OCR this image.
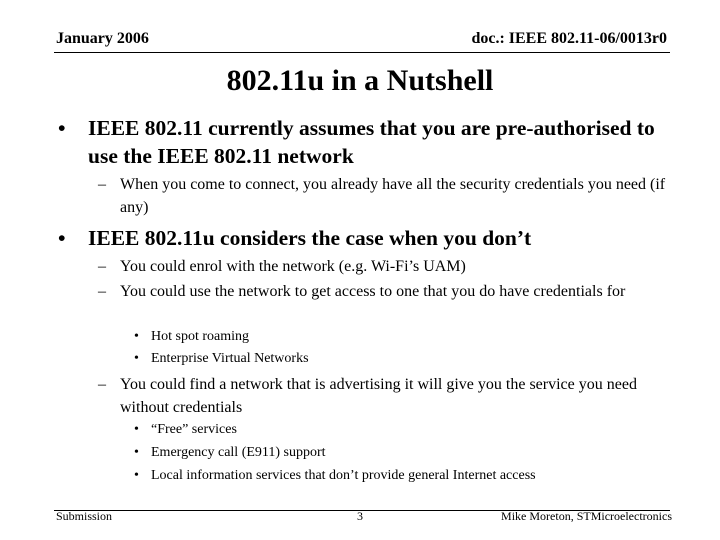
January 2006	doc.: IEEE 802.11-06/0013r0
802.11u in a Nutshell
• IEEE 802.11 currently assumes that you are pre-authorised to use the IEEE 802.11 network
– When you come to connect, you already have all the security credentials you need (if any)
• IEEE 802.11u considers the case when you don’t
– You could enrol with the network (e.g. Wi-Fi’s UAM)
– You could use the network to get access to one that you do have credentials for
• Hot spot roaming
• Enterprise Virtual Networks
– You could find a network that is advertising it will give you the service you need without credentials
• “Free” services
• Emergency call (E911) support
• Local information services that don’t provide general Internet access
Submission	3	Mike Moreton, STMicroelectronics
